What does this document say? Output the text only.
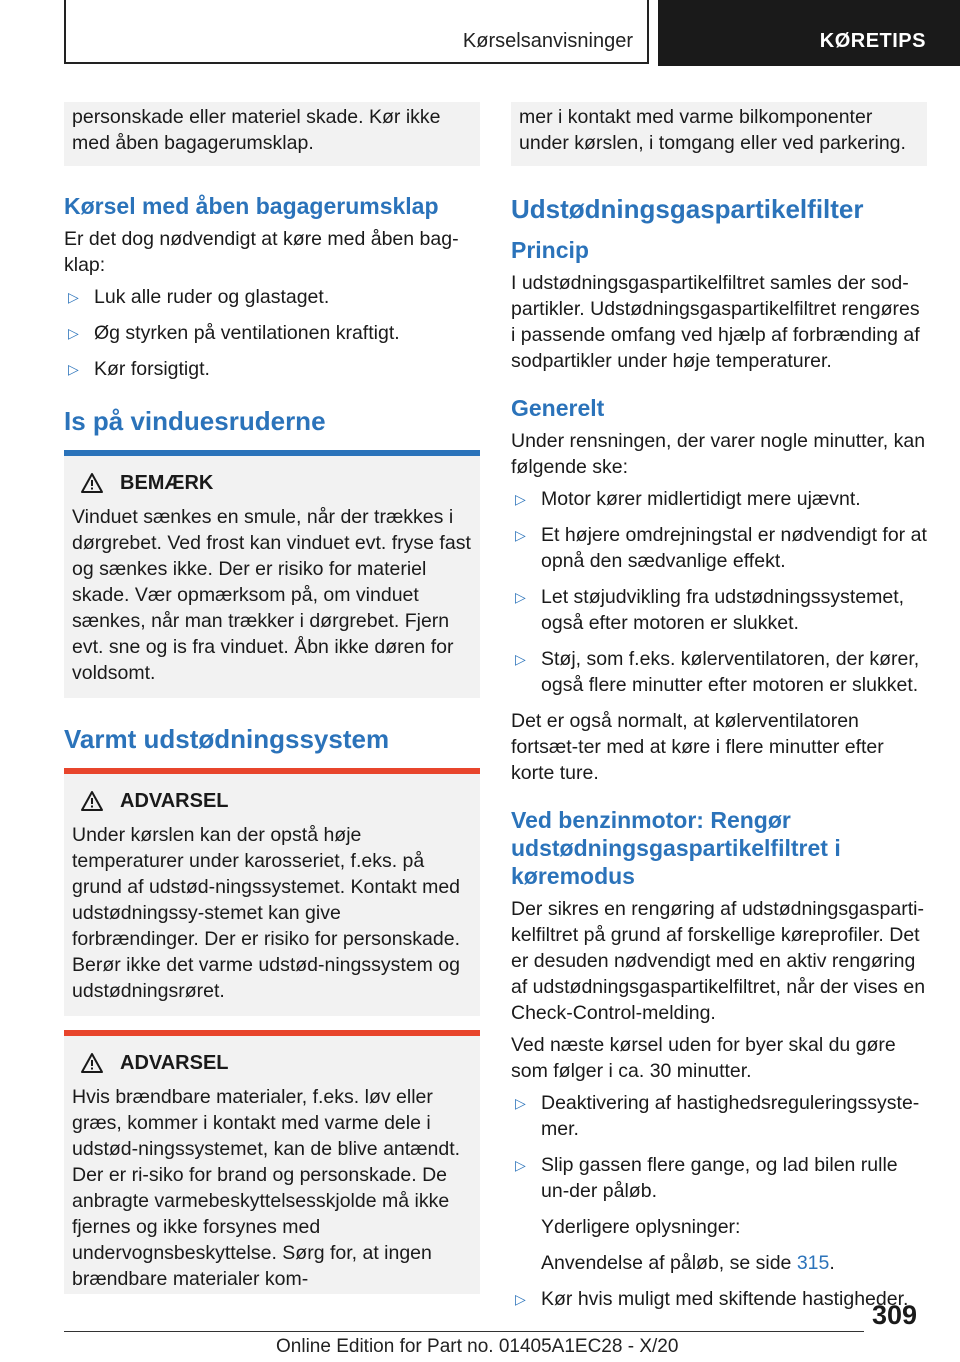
Kørselsanvisninger	KØRETIPS
personskade eller materiel skade. Kør ikke med åben bagagerumsklap.
Kørsel med åben bagagerumsklap

Er det dog nødvendigt at køre med åben bag-klap:

▷ Luk alle ruder og glastaget.
▷ Øg styrken på ventilationen kraftigt.
▷ Kør forsigtigt.
Is på vinduesruderne
BEMÆRK
Vinduet sænkes en smule, når der trækkes i dørgrebet. Ved frost kan vinduet evt. fryse fast og sænkes ikke. Der er risiko for materiel skade. Vær opmærksom på, om vinduet sænkes, når man trækker i dørgrebet. Fjern evt. sne og is fra vinduet. Åbn ikke døren for voldsomt.
Varmt udstødningssystem
ADVARSEL
Under kørslen kan der opstå høje temperaturer under karosseriet, f.eks. på grund af udstød-ningssystemet. Kontakt med udstødningssy-stemet kan give forbrændinger. Der er risiko for personskade. Berør ikke det varme udstød-ningssystem og udstødningsrøret.
ADVARSEL
Hvis brændbare materialer, f.eks. løv eller græs, kommer i kontakt med varme dele i udstød-ningssystemet, kan de blive antændt. Der er ri-siko for brand og personskade. De anbragte varmebeskyttelsesskjolde må ikke fjernes og ikke forsynes med undervognsbeskyttelse. Sørg for, at ingen brændbare materialer kom-
mer i kontakt med varme bilkomponenter under kørslen, i tomgang eller ved parkering.
Udstødningsgaspartikelfilter
Princip

I udstødningsgaspartikelfiltret samles der sod-partikler. Udstødningsgaspartikelfiltret rengøres i passende omfang ved hjælp af forbrænding af sodpartikler under høje temperaturer.

Generelt

Under rensningen, der varer nogle minutter, kan følgende ske:

▷ Motor kører midlertidigt mere ujævnt.
▷ Et højere omdrejningstal er nødvendigt for at opnå den sædvanlige effekt.
▷ Let støjudvikling fra udstødningssystemet, også efter motoren er slukket.
▷ Støj, som f.eks. kølerventilatoren, der kører, også flere minutter efter motoren er slukket.

Det er også normalt, at kølerventilatoren fortsæt-ter med at køre i flere minutter efter korte ture.

Ved benzinmotor: Rengør udstødningsgaspartikelfiltret i køremodus

Der sikres en rengøring af udstødningsgasparti-kelfiltret på grund af forskellige køreprofiler. Det er desuden nødvendigt med en aktiv rengøring af udstødningsgaspartikelfiltret, når der vises en Check-Control-melding.

Ved næste kørsel uden for byer skal du gøre som følger i ca. 30 minutter.

▷ Deaktivering af hastighedsreguleringssyste-mer.
▷ Slip gassen flere gange, og lad bilen rulle un-der påløb.
Yderligere oplysninger:
Anvendelse af påløb, se side 315.
▷ Kør hvis muligt med skiftende hastigheder.
309
Online Edition for Part no. 01405A1EC28 - X/20
